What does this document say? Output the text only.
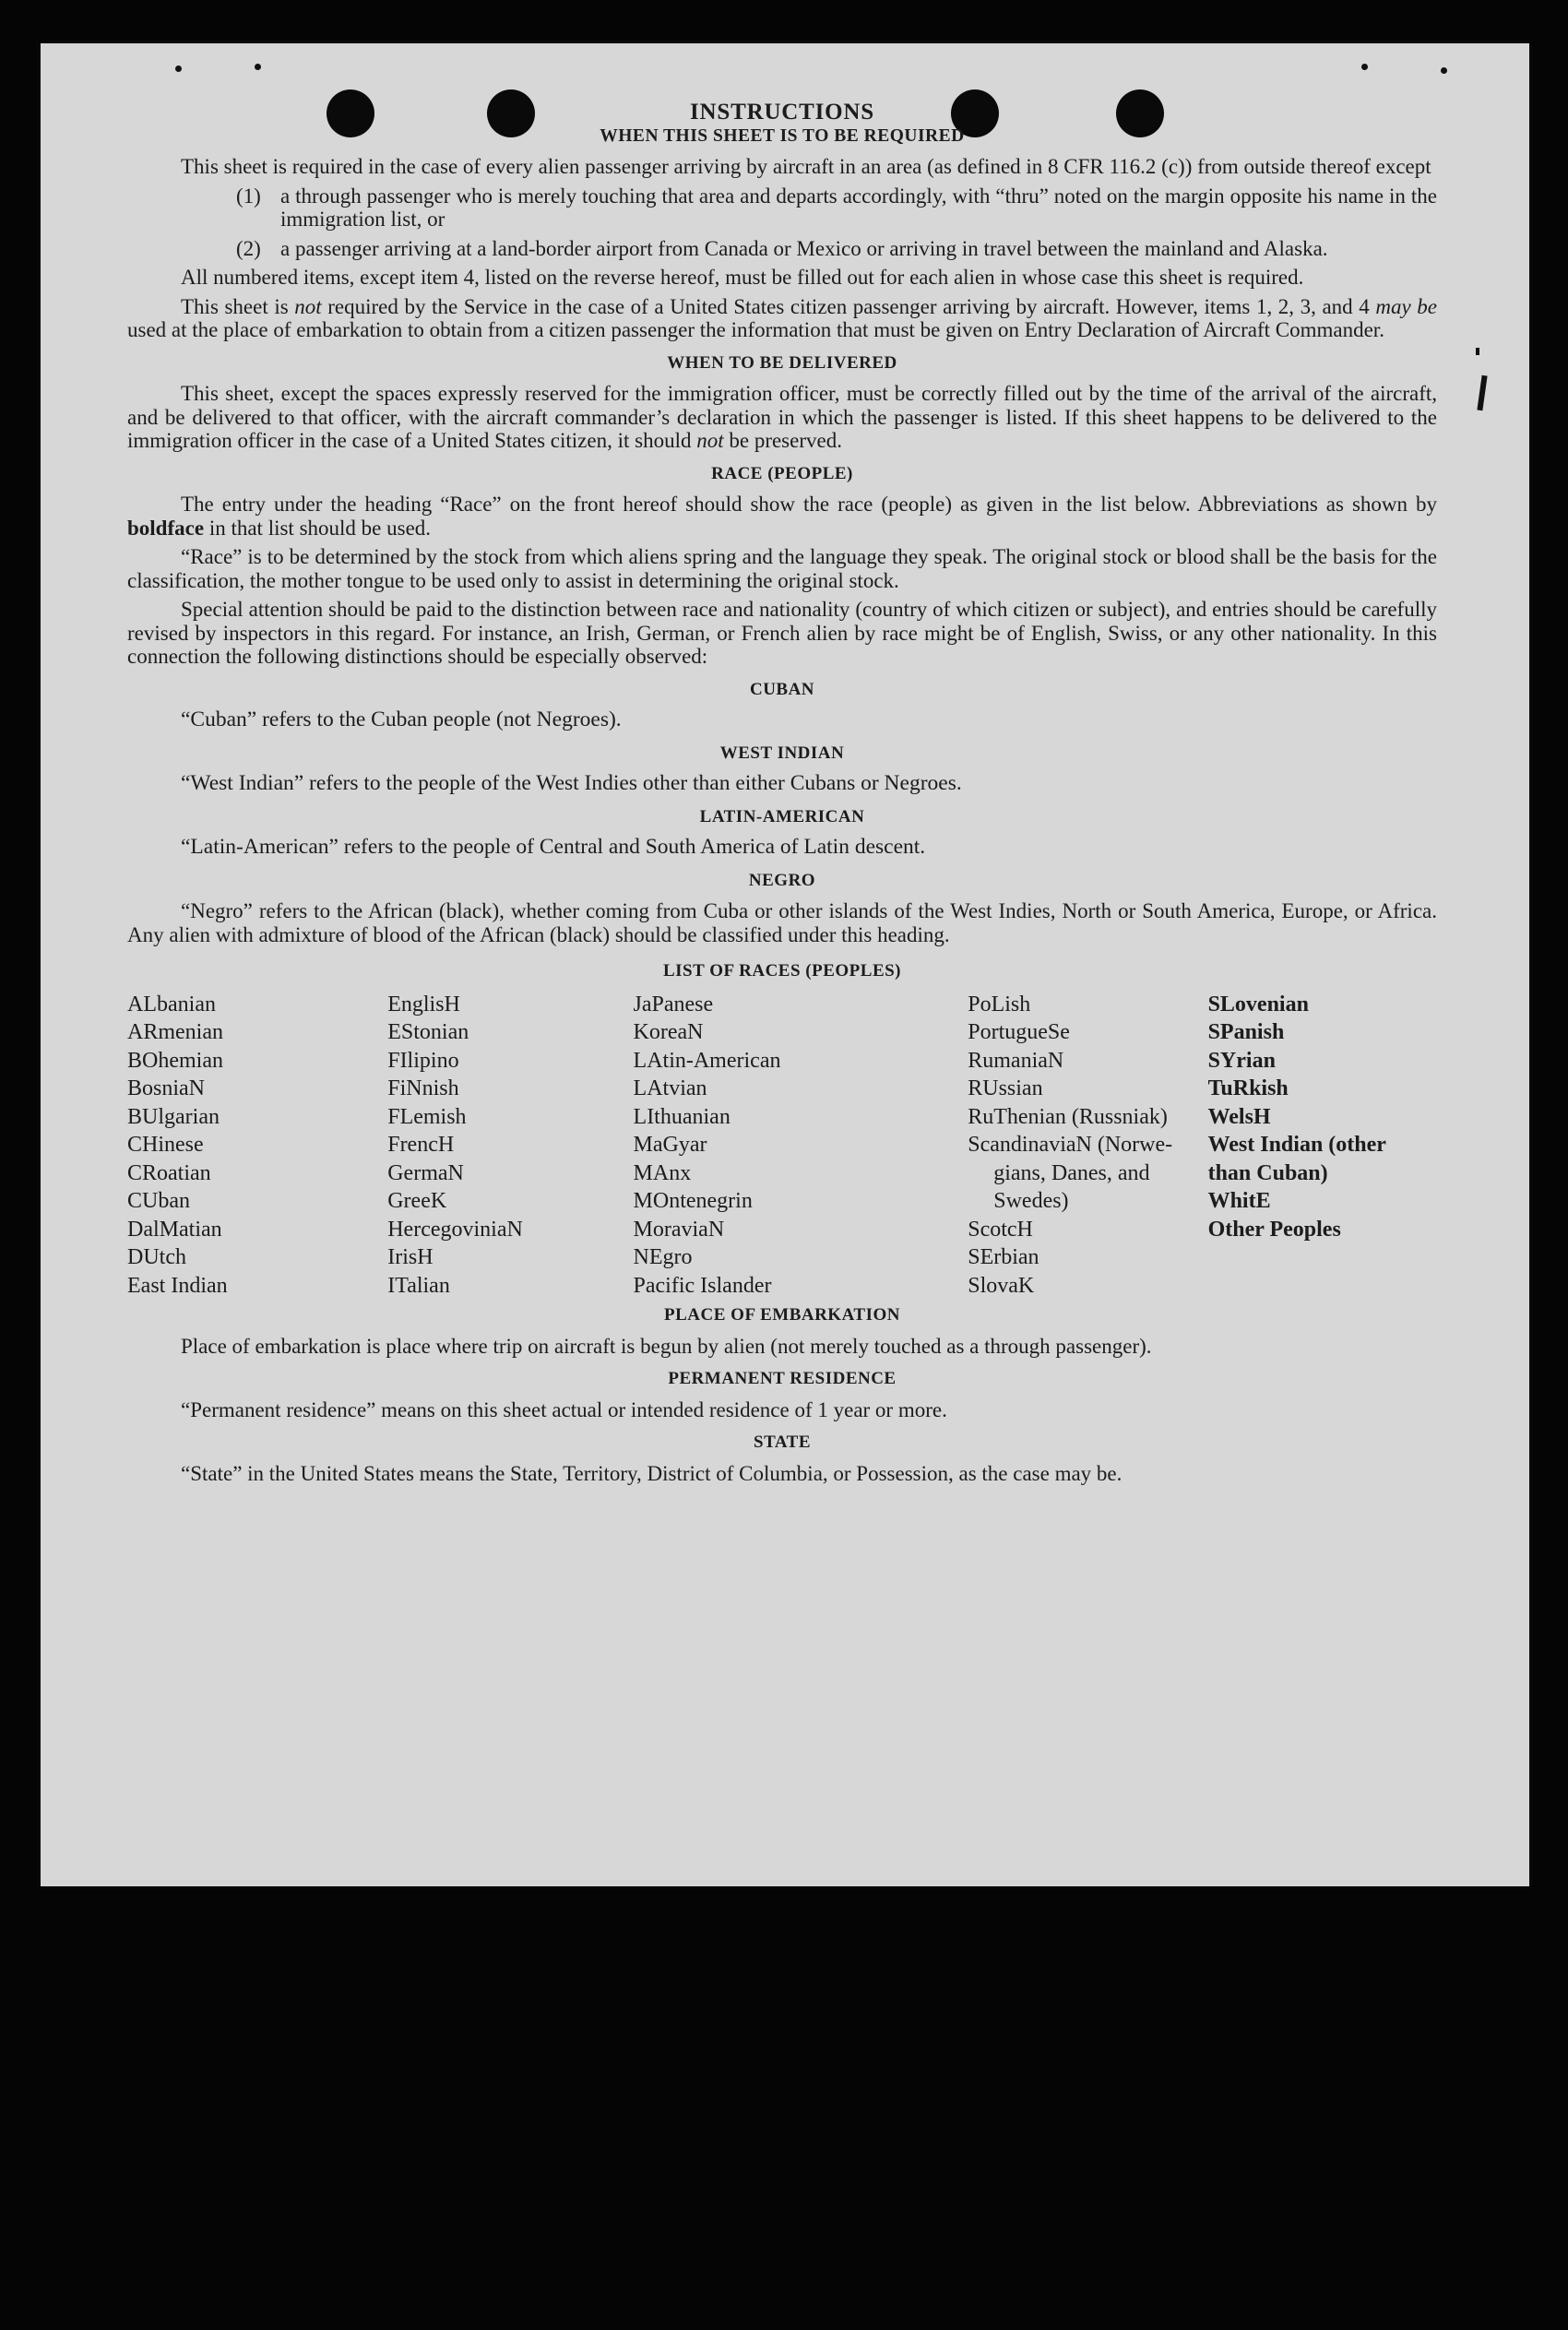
INSTRUCTIONS
WHEN THIS SHEET IS TO BE REQUIRED

This sheet is required in the case of every alien passenger arriving by aircraft in an area (as defined in 8 CFR 116.2 (c)) from outside thereof except

(1) a through passenger who is merely touching that area and departs accordingly, with “thru” noted on the margin opposite his name in the immigration list, or
(2) a passenger arriving at a land-border airport from Canada or Mexico or arriving in travel between the mainland and Alaska.

All numbered items, except item 4, listed on the reverse hereof, must be filled out for each alien in whose case this sheet is required.

This sheet is not required by the Service in the case of a United States citizen passenger arriving by aircraft. However, items 1, 2, 3, and 4 may be used at the place of embarkation to obtain from a citizen passenger the information that must be given on Entry Declaration of Aircraft Commander.

WHEN TO BE DELIVERED

This sheet, except the spaces expressly reserved for the immigration officer, must be correctly filled out by the time of the arrival of the aircraft, and be delivered to that officer, with the aircraft commander’s declaration in which the passenger is listed. If this sheet happens to be delivered to the immigration officer in the case of a United States citizen, it should not be preserved.

RACE (PEOPLE)

The entry under the heading “Race” on the front hereof should show the race (people) as given in the list below. Abbreviations as shown by boldface in that list should be used.

“Race” is to be determined by the stock from which aliens spring and the language they speak. The original stock or blood shall be the basis for the classification, the mother tongue to be used only to assist in determining the original stock.

Special attention should be paid to the distinction between race and nationality (country of which citizen or subject), and entries should be carefully revised by inspectors in this regard. For instance, an Irish, German, or French alien by race might be of English, Swiss, or any other nationality. In this connection the following distinctions should be especially observed:

CUBAN
“Cuban” refers to the Cuban people (not Negroes).
WEST INDIAN
“West Indian” refers to the people of the West Indies other than either Cubans or Negroes.
LATIN-AMERICAN
“Latin-American” refers to the people of Central and South America of Latin descent.
NEGRO

“Negro” refers to the African (black), whether coming from Cuba or other islands of the West Indies, North or South America, Europe, or Africa. Any alien with admixture of blood of the African (black) should be classified under this heading.

LIST OF RACES (PEOPLES)
ALbanian
ARmenian
BOhemian
BosniaN
BUlgarian
CHinese
CRoatian
CUban
DalMatian
DUtch
East Indian
EnglisH
EStonian
FIlipino
FiNnish
FLemish
FrencH
GermaN
GreeK
HercegoviniaN
IrisH
ITalian
JaPanese
KoreaN
LAtin-American
LAtvian
LIthuanian
MaGyar
MAnx
MOntenegrin
MoraviaN
NEgro
Pacific Islander
PoLish
PortugueSe
RumaniaN
RUssian
RuThenian (Russniak)
ScandinaviaN (Norwe-
gians, Danes, and
Swedes)
ScotcH
SErbian
SlovaK
SLovenian
SPanish
SYrian
TuRkish
WelsH
West Indian (other
than Cuban)
WhitE
Other Peoples
PLACE OF EMBARKATION

Place of embarkation is place where trip on aircraft is begun by alien (not merely touched as a through passenger).

PERMANENT RESIDENCE

“Permanent residence” means on this sheet actual or intended residence of 1 year or more.

STATE

“State” in the United States means the State, Territory, District of Columbia, or Possession, as the case may be.
